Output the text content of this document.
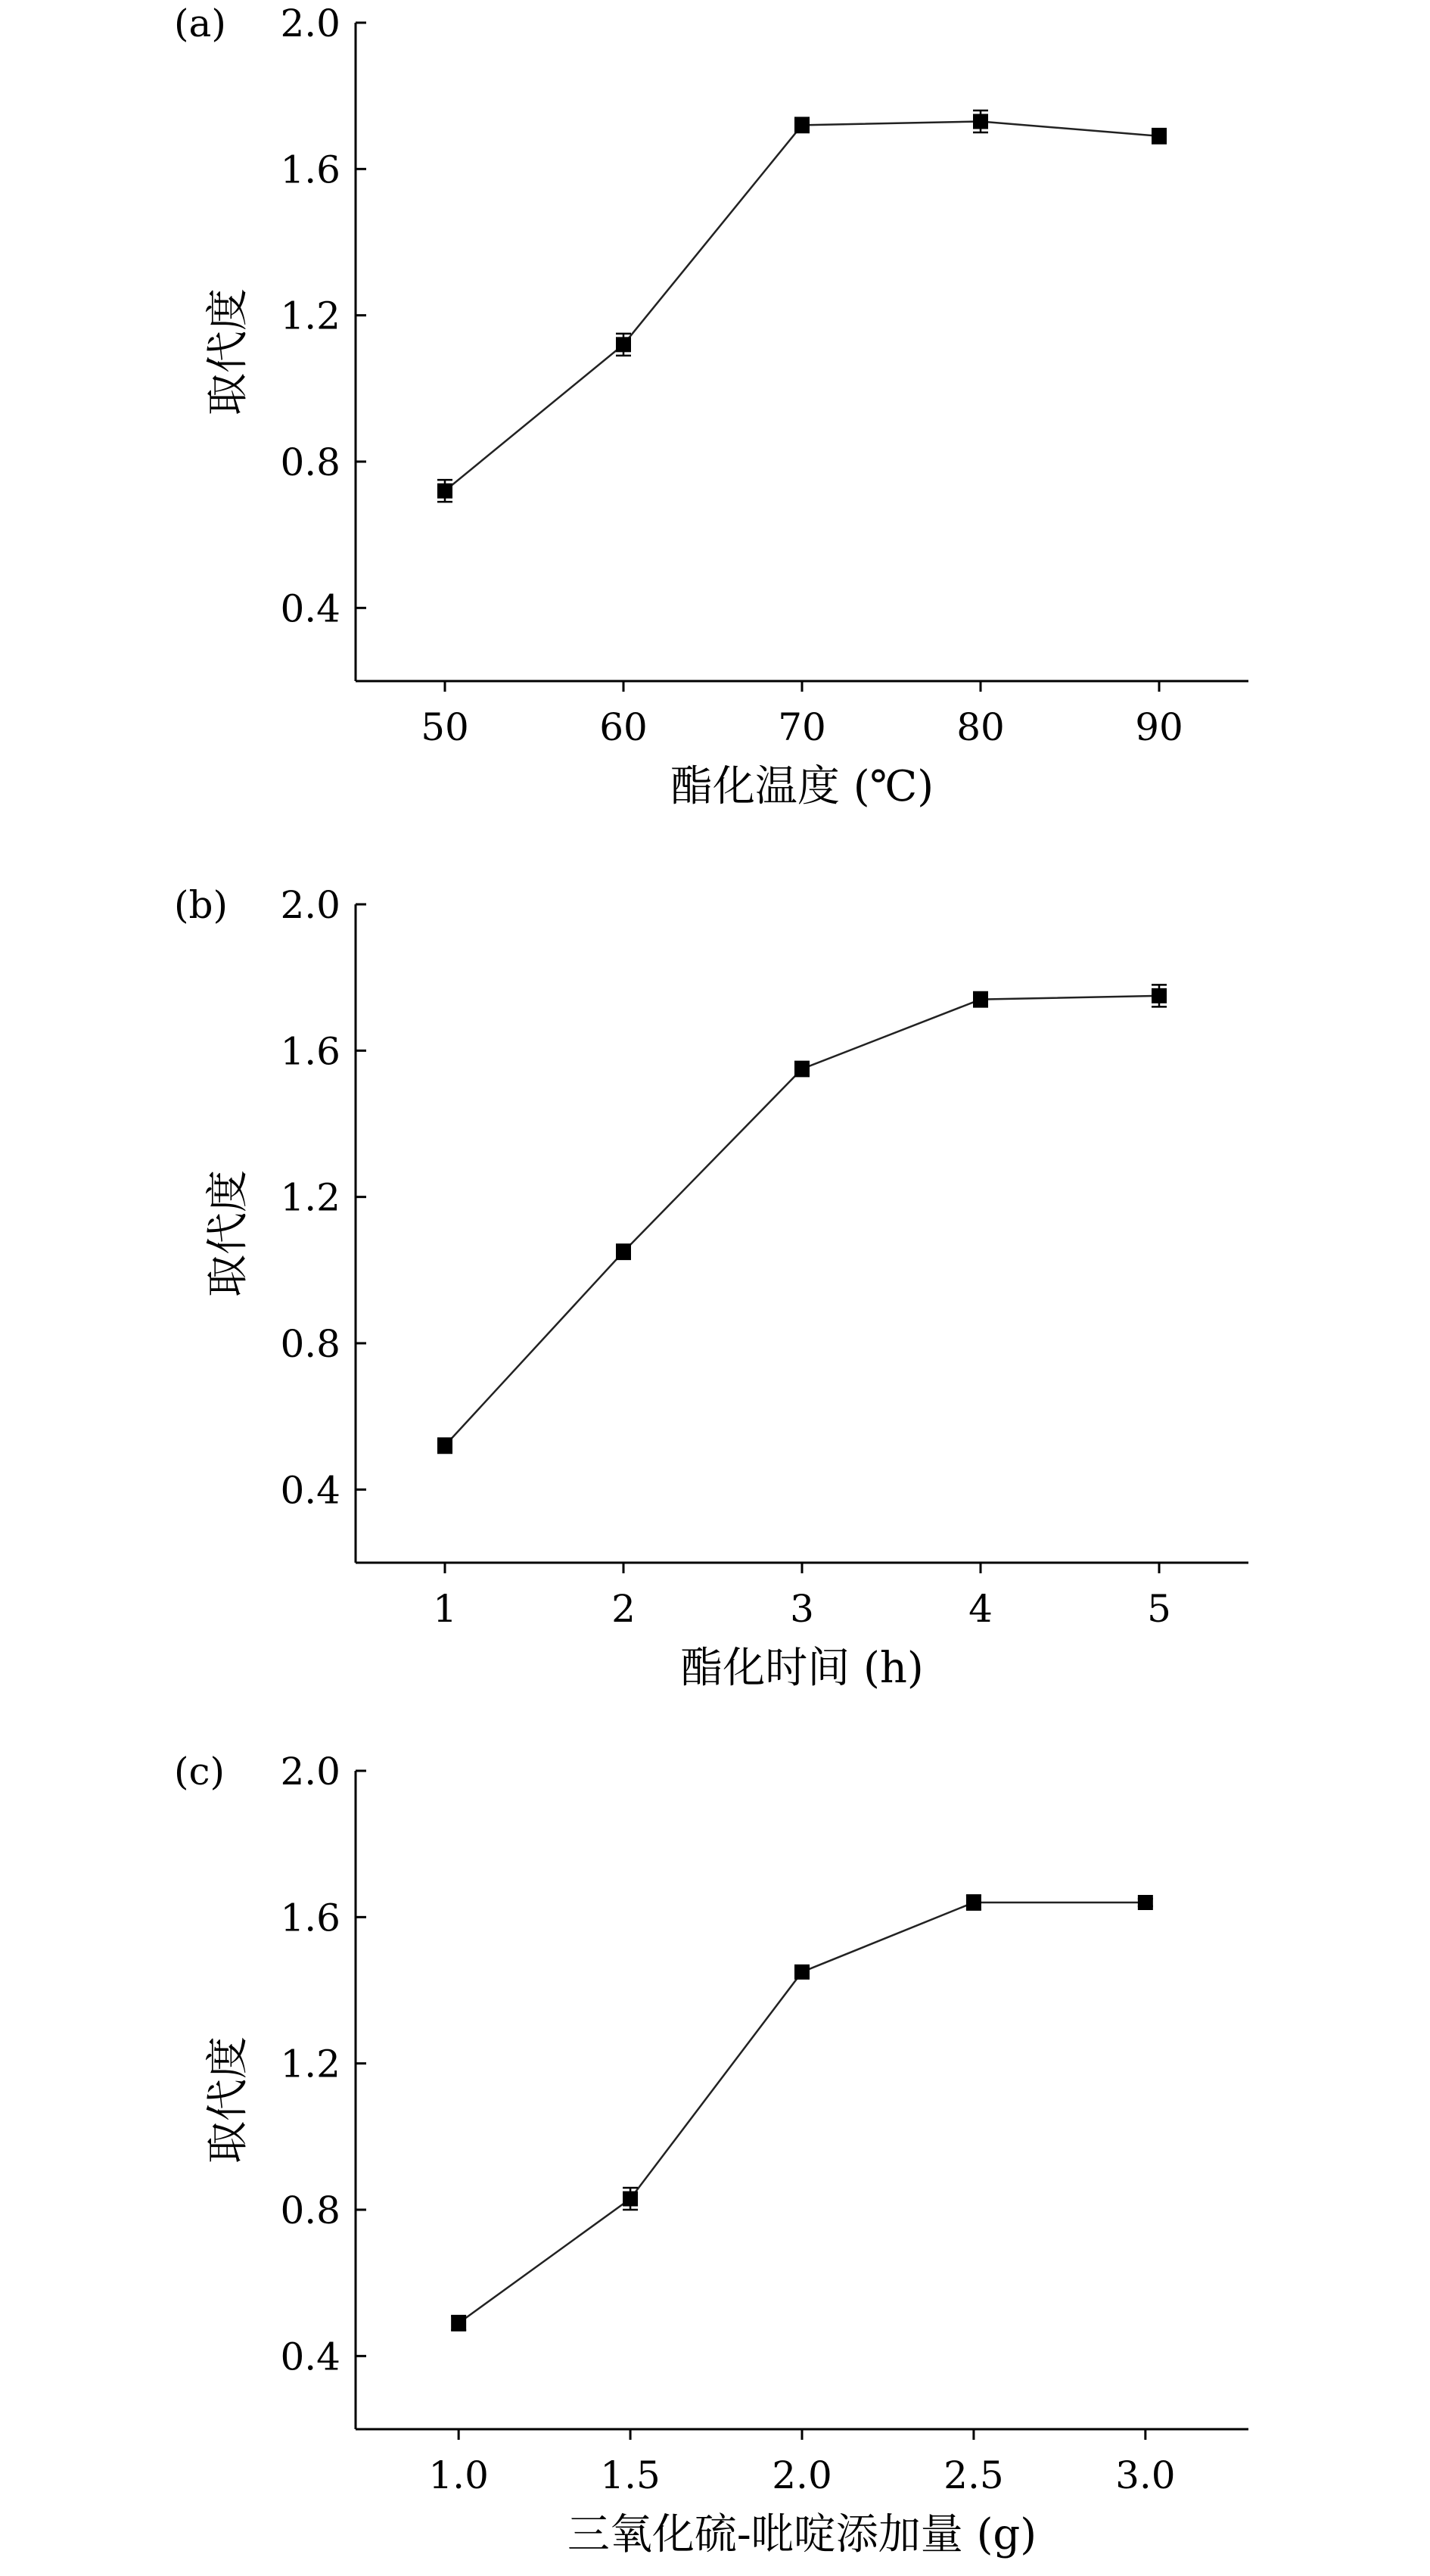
0.4
0.8
1.2
1.6
2.0
50	60	70	80	90
(a)
酯化温度 (℃)
取代度
0.4
0.8
1.2
1.6
2.0
1	2	3	4	5
(b)
酯化时间 (h)
取代度
0.4
0.8
1.2
1.6
2.0
1.0	1.5	2.0	2.5	3.0
(c)
三氧化硫-吡啶添加量 (g)
取代度
